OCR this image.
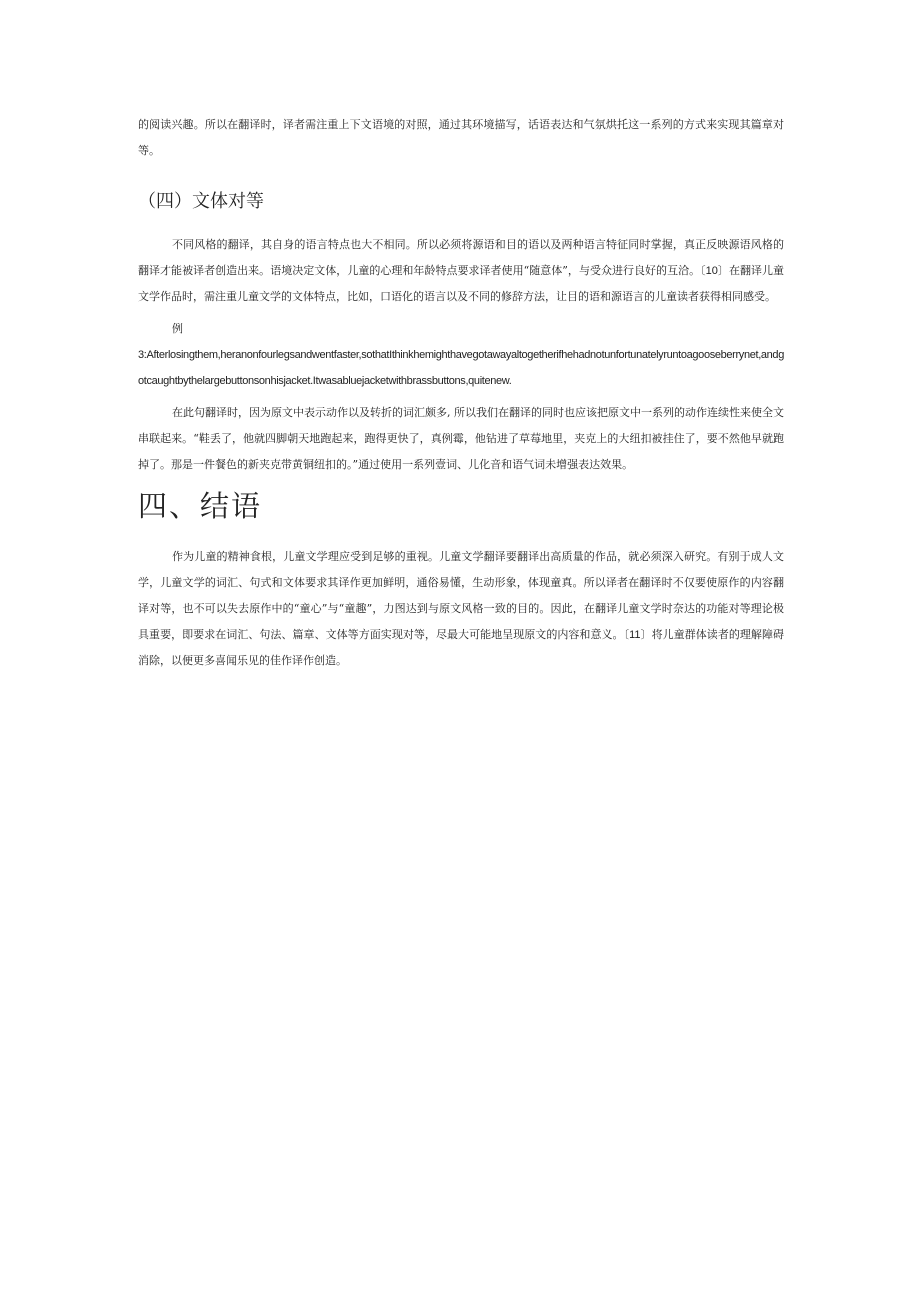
的阅读兴趣。所以在翻译时，译者需注重上下文语境的对照，通过其环境描写，话语表达和气氛烘托这一系列的方式来实现其篇章对等。

（四）文体对等

不同风格的翻译，其自身的语言特点也大不相同。所以必须将源语和目的语以及两种语言特征同时掌握，真正反映源语风格的翻译才能被译者创造出来。语境决定文体，儿童的心理和年龄特点要求译者使用“随意体”，与受众进行良好的互洽。〔10〕在翻译儿童文学作品时，需注重儿童文学的文体特点，比如，口语化的语言以及不同的修辞方法，让目的语和源语言的儿童读者获得相同感受。

例

3:Afterlosingthem,heranonfourlegsandwentfaster,sothatIthinkhemighthavegotawayaltogetherifhehadnotunfortunatelyruntoagooseberrynet,andgotcaughtbythelargebuttonsonhisjacket.Itwasabluejacketwithbrassbuttons,quitenew.

在此句翻译时，因为原文中表示动作以及转折的词汇颇多, 所以我们在翻译的同时也应该把原文中一系列的动作连续性来使全文串联起来。“鞋丢了，他就四脚朝天地跑起来，跑得更快了，真例霉，他钻进了草莓地里，夹克上的大纽扣被挂住了，要不然他早就跑掉了。那是一件餐色的新夹克带黄铜纽扣的。”通过使用一系列壹词、儿化音和语气词未增强表达效果。

四、结语

作为儿童的精神食根，儿童文学理应受到足够的重视。儿童文学翻译要翻译出高质量的作品，就必须深入研究。有别于成人文学，儿童文学的词汇、句式和文体要求其译作更加鲜明，通俗易懂，生动形象，体现童真。所以译者在翻译时不仅要使原作的内容翻译对等，也不可以失去原作中的“童心”与“童趣”，力图达到与原文风格一致的目的。因此，在翻译儿童文学时奈达的功能对等理论极具重要，即要求在词汇、句法、篇章、文体等方面实现对等，尽最大可能地呈现原文的内容和意义。〔11〕将儿童群体读者的理解障碍消除，以便更多喜闻乐见的佳作译作创造。
